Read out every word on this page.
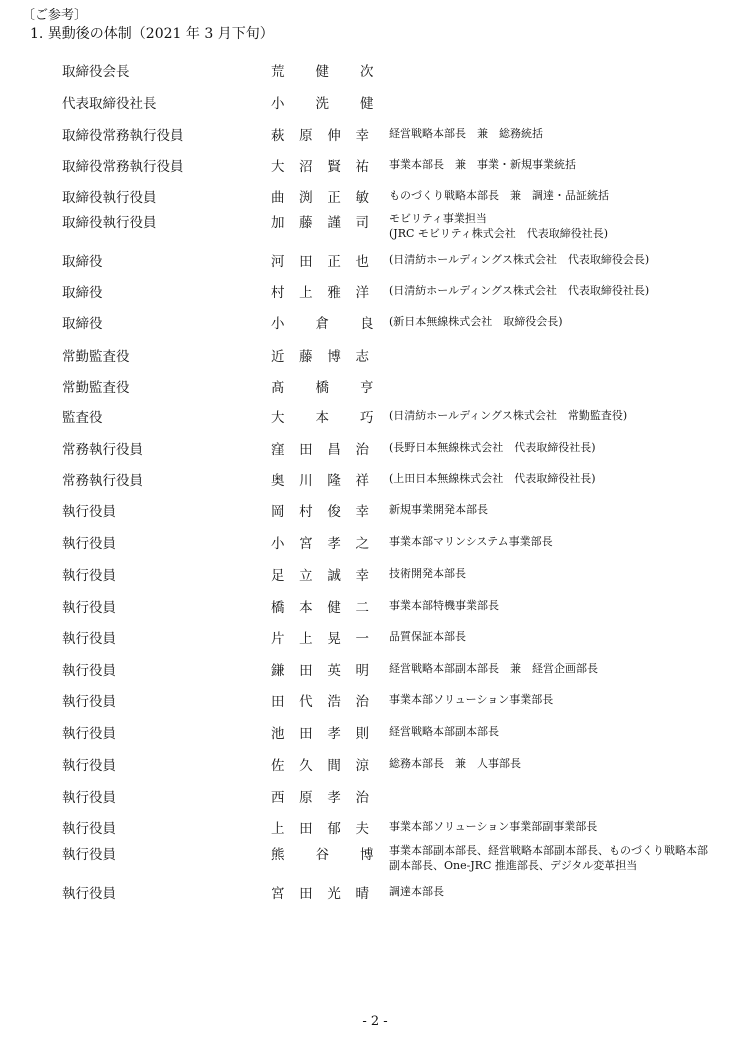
〔ご参考〕
1. 異動後の体制（2021 年 3 月下旬）
取締役会長	荒 健 次
代表取締役社長	小 洗 健
取締役常務執行役員	萩 原 伸 幸 経営戦略本部長　兼　総務統括
取締役常務執行役員	大 沼 賢 祐 事業本部長　兼　事業・新規事業統括
取締役執行役員	曲 渕 正 敏 ものづくり戦略本部長　兼　調達・品証統括
取締役執行役員	加 藤 謹 司 モビリティ事業担当
(JRC モビリティ株式会社　代表取締役社長)
取締役	河 田 正 也 (日清紡ホールディングス株式会社　代表取締役会長)
取締役	村 上 雅 洋 (日清紡ホールディングス株式会社　代表取締役社長)
取締役	小 倉 良 (新日本無線株式会社　取締役会長)
常勤監査役	近 藤 博 志
常勤監査役	髙 橋 亨
監査役	大 本 巧 (日清紡ホールディングス株式会社　常勤監査役)
常務執行役員	窪 田 昌 治 (長野日本無線株式会社　代表取締役社長)
常務執行役員	奥 川 隆 祥 (上田日本無線株式会社　代表取締役社長)
執行役員	岡 村 俊 幸 新規事業開発本部長
執行役員	小 宮 孝 之 事業本部マリンシステム事業部長
執行役員	足 立 誠 幸 技術開発本部長
執行役員	橋 本 健 二 事業本部特機事業部長
執行役員	片 上 晃 一 品質保証本部長
執行役員	鎌 田 英 明 経営戦略本部副本部長　兼　経営企画部長
執行役員	田 代 浩 治 事業本部ソリューション事業部長
執行役員	池 田 孝 則 経営戦略本部副本部長
執行役員	佐 久 間 涼 総務本部長　兼　人事部長
執行役員	西 原 孝 治
執行役員	上 田 郁 夫 事業本部ソリューション事業部副事業部長
執行役員	熊 谷 博 事業本部副本部長、経営戦略本部副本部長、ものづくり戦略本部
副本部長、One-JRC 推進部長、デジタル変革担当
執行役員	宮 田 光 晴 調達本部長
- 2 -
